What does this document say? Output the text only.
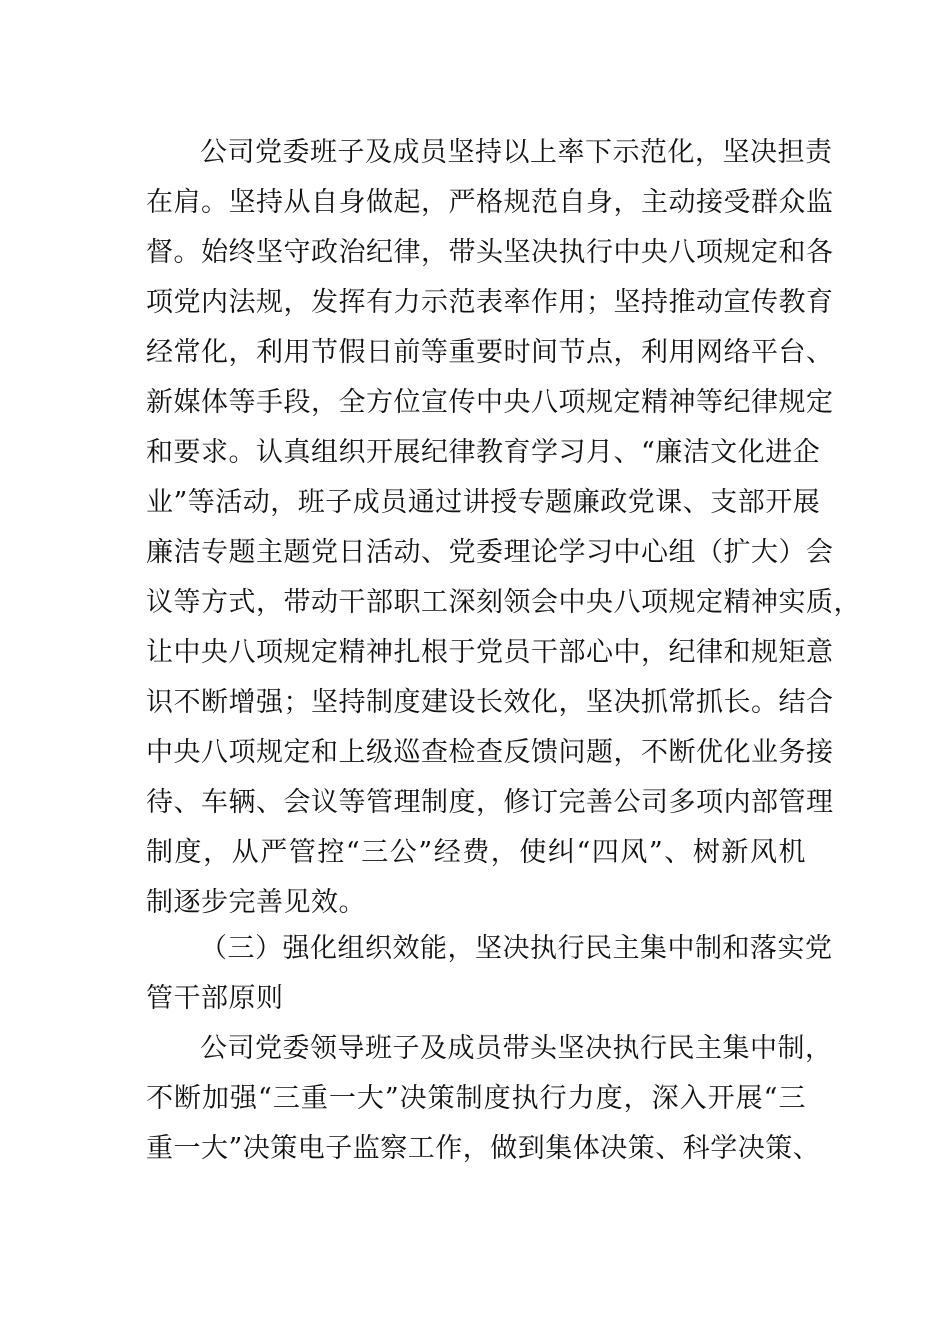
公司党委班子及成员坚持以上率下示范化，坚决担责
在肩。坚持从自身做起，严格规范自身，主动接受群众监
督。始终坚守政治纪律，带头坚决执行中央八项规定和各
项党内法规，发挥有力示范表率作用；坚持推动宣传教育
经常化，利用节假日前等重要时间节点，利用网络平台、
新媒体等手段，全方位宣传中央八项规定精神等纪律规定
和要求。认真组织开展纪律教育学习月、“廉洁文化进企
业”等活动，班子成员通过讲授专题廉政党课、支部开展
廉洁专题主题党日活动、党委理论学习中心组（扩大）会
议等方式，带动干部职工深刻领会中央八项规定精神实质，
让中央八项规定精神扎根于党员干部心中，纪律和规矩意
识不断增强；坚持制度建设长效化，坚决抓常抓长。结合
中央八项规定和上级巡查检查反馈问题，不断优化业务接
待、车辆、会议等管理制度，修订完善公司多项内部管理
制度，从严管控“三公”经费，使纠“四风”、树新风机
制逐步完善见效。
（三）强化组织效能，坚决执行民主集中制和落实党
管干部原则
公司党委领导班子及成员带头坚决执行民主集中制，
不断加强“三重一大”决策制度执行力度，深入开展“三
重一大”决策电子监察工作，做到集体决策、科学决策、
